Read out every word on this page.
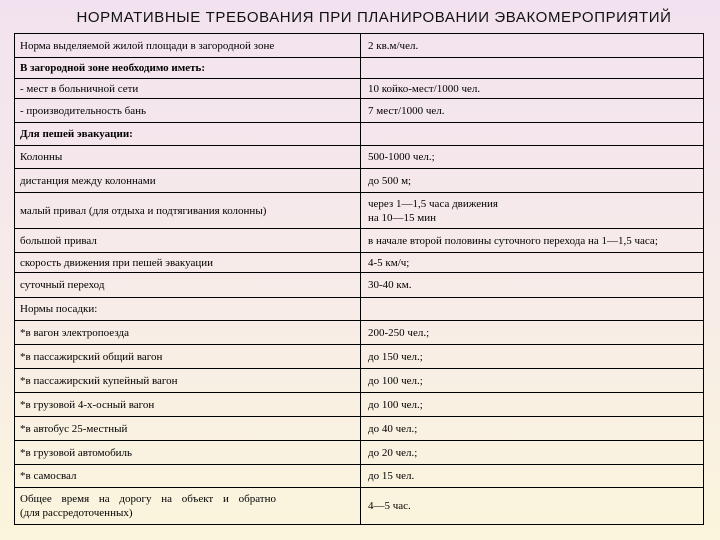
НОРМАТИВНЫЕ ТРЕБОВАНИЯ ПРИ ПЛАНИРОВАНИИ ЭВАКОМЕРОПРИЯТИЙ
Норма выделяемой жилой площади в загородной зоне	2 кв.м/чел.
В загородной зоне необходимо иметь:	
- мест в больничной сети	10 койко-мест/1000 чел.
- производительность бань	7 мест/1000 чел.
Для пешей эвакуации:	
Колонны	500-1000 чел.;
дистанция между колоннами	до 500 м;
малый привал (для отдыха и подтягивания колонны)	через 1—1,5 часа движения
на 10—15 мин

большой привал	в начале второй половины суточного перехода на 1—1,5 часа;
скорость движения при пешей эвакуации	4-5 км/ч;
суточный переход	30-40 км.
Нормы посадки:	
*в вагон электропоезда	200-250 чел.;
*в пассажирский общий вагон	до 150 чел.;
*в пассажирский купейный вагон	до 100 чел.;
*в грузовой 4-х-осный вагон	до 100 чел.;
*в автобус 25-местный	до 40 чел.;
*в грузовой автомобиль	до 20 чел.;
*в самосвал	до 15 чел.

Общее время на дорогу на объект и обратно
(для рассредоточенных)	4—5 час.
